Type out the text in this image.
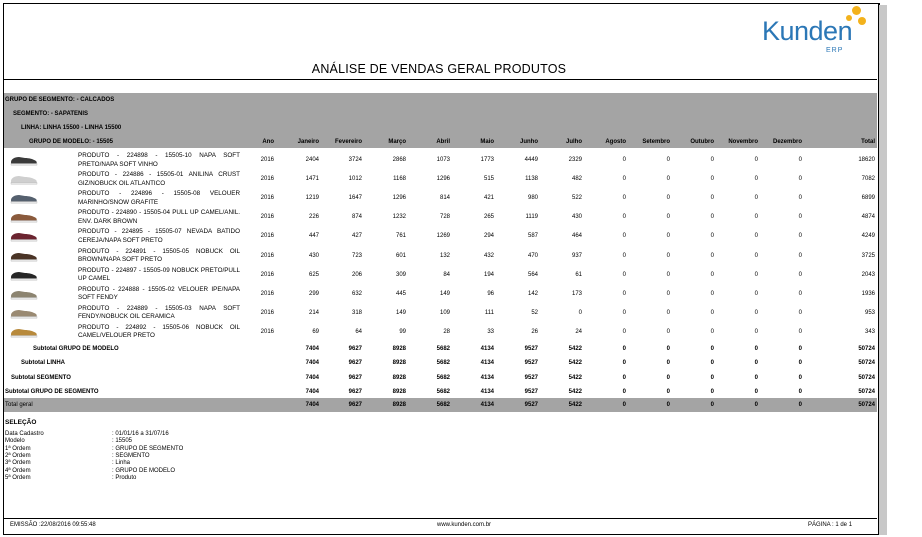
Kunden
ERP
ANÁLISE DE VENDAS GERAL PRODUTOS
GRUPO DE SEGMENTO: - CALCADOS
SEGMENTO: - SAPATENIS
LINHA: LINHA 15500 - LINHA 15500
GRUPO DE MODELO: - 15505	Ano	Janeiro	Fevereiro	Março	Abril	Maio	Junho	Julho	Agosto	Setembro	Outubro	Novembro	Dezembro	Total
PRODUTO - 224898 - 15505-10 NAPA SOFT PRETO/NAPA SOFT VINHO
2016	2404	3724	2868	1073	1773	4449	2329	0	0	0	0	0	18620
PRODUTO - 224886 - 15505-01 ANILINA CRUST GIZ/NOBUCK OIL ATLANTICO
2016	1471	1012	1168	1296	515	1138	482	0	0	0	0	0	7082
PRODUTO - 224896 - 15505-08 VELOUER MARINHO/SNOW GRAFITE
2016	1219	1647	1296	814	421	980	522	0	0	0	0	0	6899
PRODUTO - 224890 - 15505-04 PULL UP CAMEL/ANIL. ENV. DARK BROWN
2016	226	874	1232	728	265	1119	430	0	0	0	0	0	4874
PRODUTO - 224895 - 15505-07 NEVADA BATIDO CEREJA/NAPA SOFT PRETO
2016	447	427	761	1269	294	587	464	0	0	0	0	0	4249
PRODUTO - 224891 - 15505-05 NOBUCK OIL BROWN/NAPA SOFT PRETO
2016	430	723	601	132	432	470	937	0	0	0	0	0	3725
PRODUTO - 224897 - 15505-09 NOBUCK PRETO/PULL UP CAMEL
2016	625	206	309	84	194	564	61	0	0	0	0	0	2043
PRODUTO - 224888 - 15505-02 VELOUER IPE/NAPA SOFT FENDY
2016	299	632	445	149	96	142	173	0	0	0	0	0	1936
PRODUTO - 224889 - 15505-03 NAPA SOFT FENDY/NOBUCK OIL CERAMICA
2016	214	318	149	109	111	52	0	0	0	0	0	0	953
PRODUTO - 224892 - 15505-06 NOBUCK OIL CAMEL/VELOUER PRETO
2016	69	64	99	28	33	26	24	0	0	0	0	0	343
Subtotal GRUPO DE MODELO	7404	9627	8928	5682	4134	9527	5422	0	0	0	0	0	50724
Subtotal LINHA	7404	9627	8928	5682	4134	9527	5422	0	0	0	0	0	50724
Subtotal SEGMENTO	7404	9627	8928	5682	4134	9527	5422	0	0	0	0	0	50724
Subtotal GRUPO DE SEGMENTO	7404	9627	8928	5682	4134	9527	5422	0	0	0	0	0	50724
Total geral	7404	9627	8928	5682	4134	9527	5422	0	0	0	0	0	50724
SELEÇÃO
Data Cadastro	: 01/01/16 a 31/07/16
Modelo	: 15505
1ª Ordem	: GRUPO DE SEGMENTO
2ª Ordem	: SEGMENTO
3ª Ordem	: Linha
4ª Ordem	: GRUPO DE MODELO
5ª Ordem	: Produto
EMISSÃO :22/08/2016 09:55:48	www.kunden.com.br	PÁGINA : 1 de 1
